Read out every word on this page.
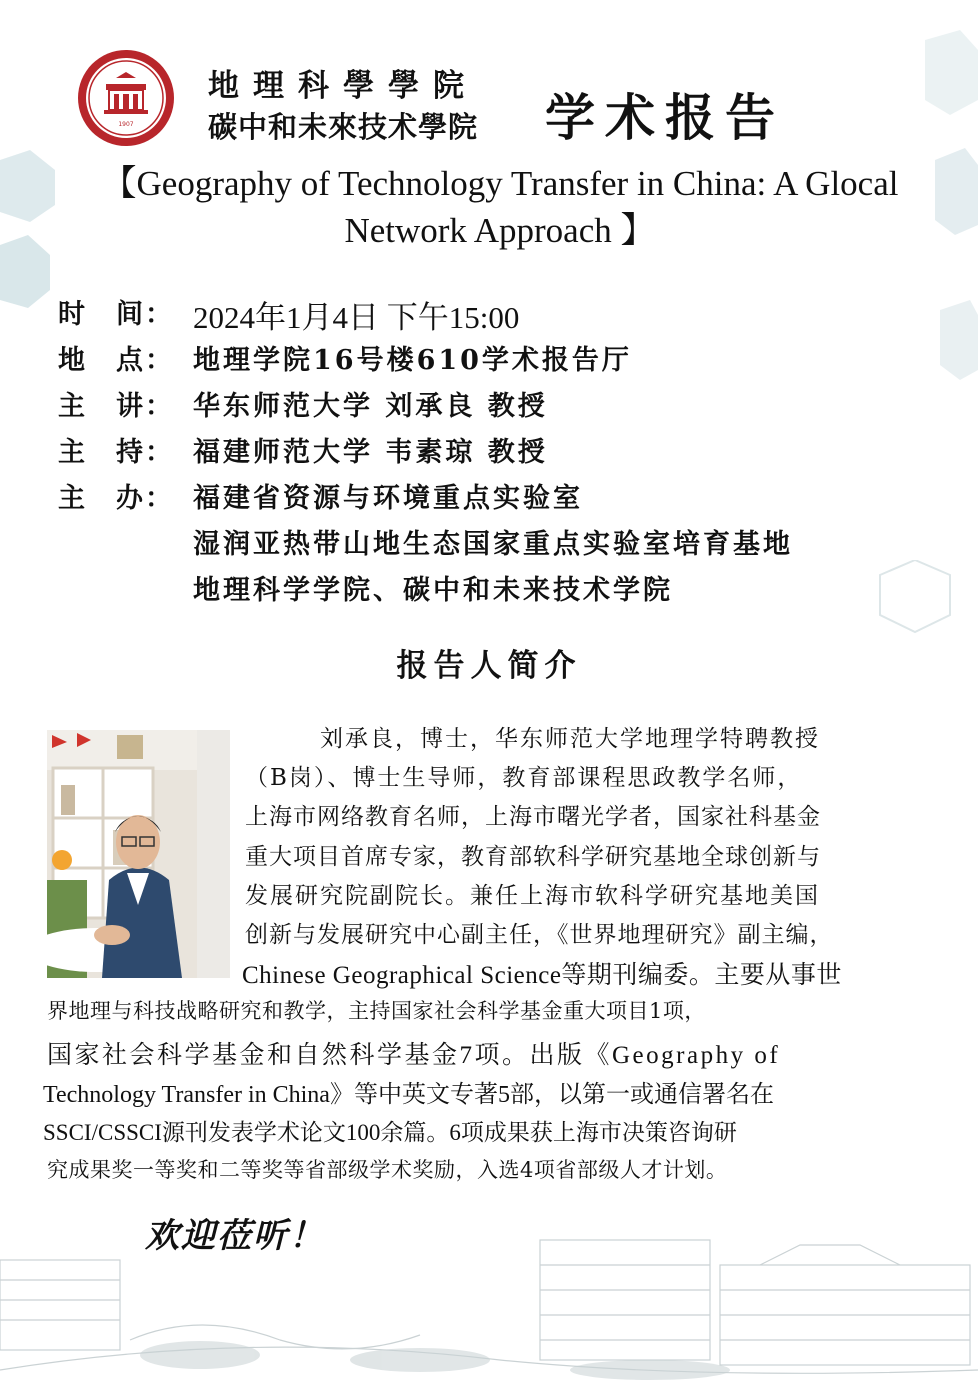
1907
地理科學學院
碳中和未來技术學院 学术报告
【Geography of Technology Transfer in China: A Glocal Network Approach 】
时　间： 2024年1月4日 下午15:00
地　点： 地理学院16号楼610学术报告厅
主　讲： 华东师范大学 刘承良 教授
主　持： 福建师范大学 韦素琼 教授
主　办： 福建省资源与环境重点实验室
湿润亚热带山地生态国家重点实验室培育基地
地理科学学院、碳中和未来技术学院
报告人简介
刘承良，博士，华东师范大学地理学特聘教授
（B岗）、博士生导师，教育部课程思政教学名师，
上海市网络教育名师，上海市曙光学者，国家社科基金
重大项目首席专家，教育部软科学研究基地全球创新与
发展研究院副院长。兼任上海市软科学研究基地美国
创新与发展研究中心副主任，《世界地理研究》副主编，
Chinese Geographical Science等期刊编委。主要从事世
界地理与科技战略研究和教学，主持国家社会科学基金重大项目1项，
国家社会科学基金和自然科学基金7项。出版《Geography of
Technology Transfer in China》等中英文专著5部，以第一或通信署名在
SSCI/CSSCI源刊发表学术论文100余篇。6项成果获上海市决策咨询研
究成果奖一等奖和二等奖等省部级学术奖励，入选4项省部级人才计划。
欢迎莅听！
